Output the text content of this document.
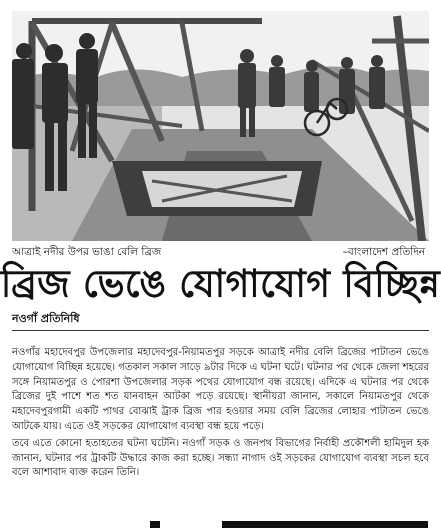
আত্রাই নদীর উপর ভাঙা বেলি ব্রিজ	–বাংলাদেশ প্রতিদিন
ব্রিজ ভেঙে যোগাযোগ বিচ্ছিন্ন
নওগাঁ প্রতিনিধি

নওগাঁর মহাদেবপুর উপজেলার মহাদেবপুর-নিয়ামতপুর সড়কে আত্রাই নদীর বেলি ব্রিজের পাটাতন ভেঙে যোগাযোগ বিচ্ছিন্ন হয়েছে। গতকাল সকাল সাড়ে ৯টার দিকে এ ঘটনা ঘটে। ঘটনার পর থেকে জেলা শহরের সঙ্গে নিয়ামতপুর ও পোরশা উপজেলার সড়ক পথের যোগাযোগ বন্ধ রয়েছে। এদিকে এ ঘটনার পর থেকে ব্রিজের দুই পাশে শত শত যানবাহন আটকা পড়ে রয়েছে। স্থানীয়রা জানান, সকালে নিয়ামতপুর থেকে মহাদেবপুরগামী একটি পাথর বোঝাই ট্রাক ব্রিজ পার হওয়ার সময় বেলি ব্রিজের লোহার পাটাতন ভেঙে আটকে যায়। এতে ওই সড়কের যোগাযোগ ব্যবস্থা বন্ধ হয়ে পড়ে।

তবে এতে কোনো হতাহতের ঘটনা ঘটেনি। নওগাঁ সড়ক ও জনপথ বিভাগের নির্বাহী প্রকৌশলী হামিদুল হক জানান, ঘটনার পর ট্রাকটি উদ্ধারে কাজ করা হচ্ছে। সন্ধ্যা নাগাদ ওই সড়কের যোগাযোগ ব্যবস্থা সচল হবে বলে আশাবাদ ব্যক্ত করেন তিনি।
